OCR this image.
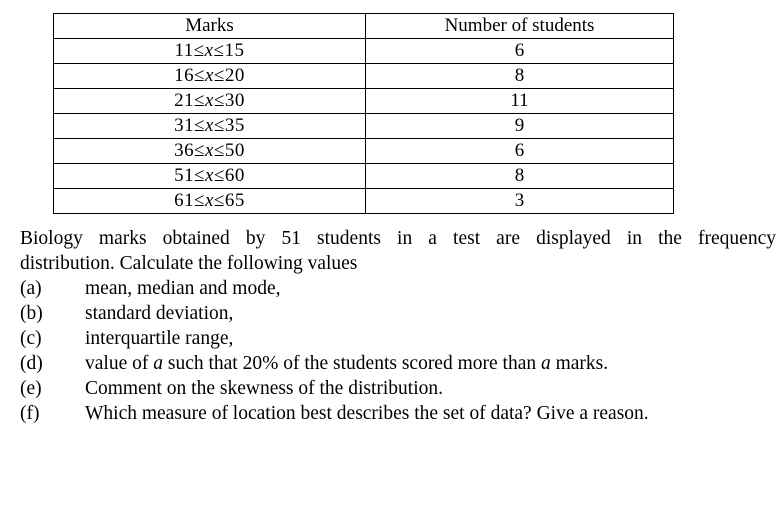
Marks	Number of students
11≤x≤15	6
16≤x≤20	8
21≤x≤30	11
31≤x≤35	9
36≤x≤50	6
51≤x≤60	8
61≤x≤65	3

Biology marks obtained by 51 students in a test are displayed in the frequency
distribution. Calculate the following values

(a)	mean, median and mode,
(b)	standard deviation,
(c)	interquartile range,
(d)	value of a such that 20% of the students scored more than a marks.
(e)	Comment on the skewness of the distribution.
(f)	Which measure of location best describes the set of data? Give a reason.
